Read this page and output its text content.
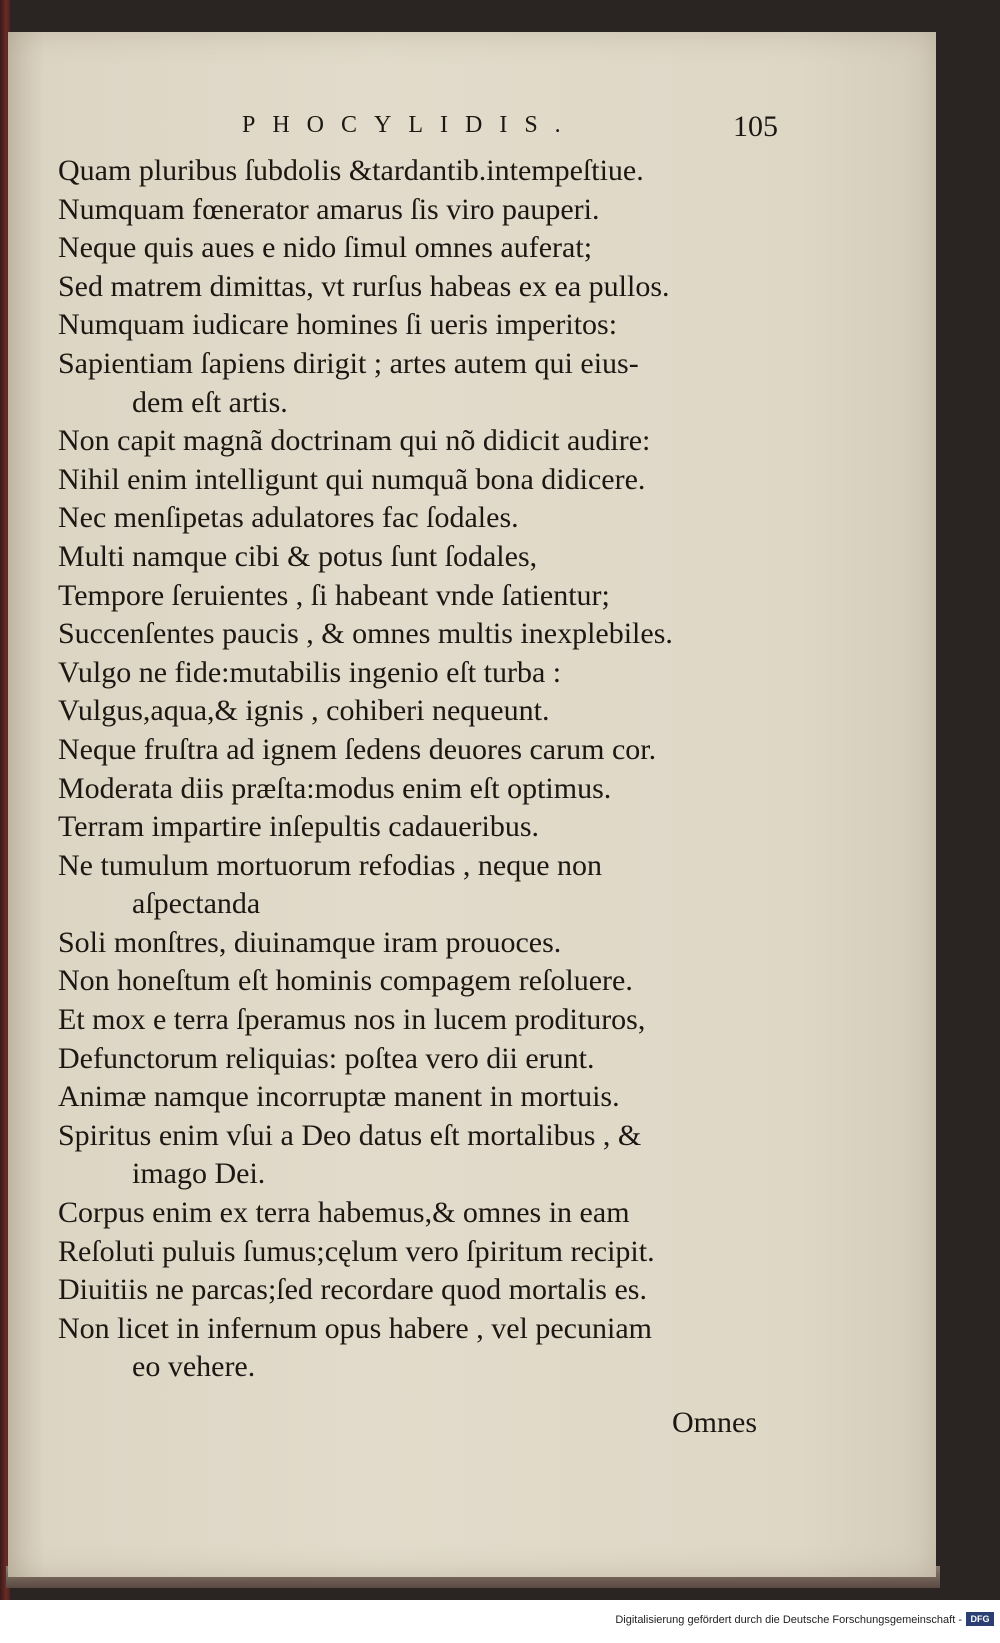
PHOCYLIDIS.	105
Quam pluribus ſubdolis &tardantib.intempeſtiue.
Numquam fœnerator amarus ſis viro pauperi.
Neque quis aues e nido ſimul omnes auferat;
Sed matrem dimittas, vt rurſus habeas ex ea pullos.
Numquam iudicare homines ſi ueris imperitos:
Sapientiam ſapiens dirigit ; artes autem qui eius-
dem eſt artis.
Non capit magnã doctrinam qui nõ didicit audire:
Nihil enim intelligunt qui numquã bona didicere.
Nec menſipetas adulatores fac ſodales.
Multi namque cibi & potus ſunt ſodales,
Tempore ſeruientes , ſi habeant vnde ſatientur;
Succenſentes paucis , & omnes multis inexplebiles.
Vulgo ne fide:mutabilis ingenio eſt turba :
Vulgus,aqua,& ignis , cohiberi nequeunt.
Neque fruſtra ad ignem ſedens deuores carum cor.
Moderata diis præſta:modus enim eſt optimus.
Terram impartire inſepultis cadaueribus.
Ne tumulum mortuorum refodias , neque non
aſpectanda
Soli monſtres, diuinamque iram prouoces.
Non honeſtum eſt hominis compagem reſoluere.
Et mox e terra ſperamus nos in lucem prodituros,
Defunctorum reliquias: poſtea vero dii erunt.
Animæ namque incorruptæ manent in mortuis.
Spiritus enim vſui a Deo datus eſt mortalibus , &
imago Dei.
Corpus enim ex terra habemus,& omnes in eam
Reſoluti puluis ſumus;cęlum vero ſpiritum recipit.
Diuitiis ne parcas;ſed recordare quod mortalis es.
Non licet in infernum opus habere , vel pecuniam
eo vehere.
Omnes
Digitalisierung gefördert durch die Deutsche Forschungsgemeinschaft - DFG
